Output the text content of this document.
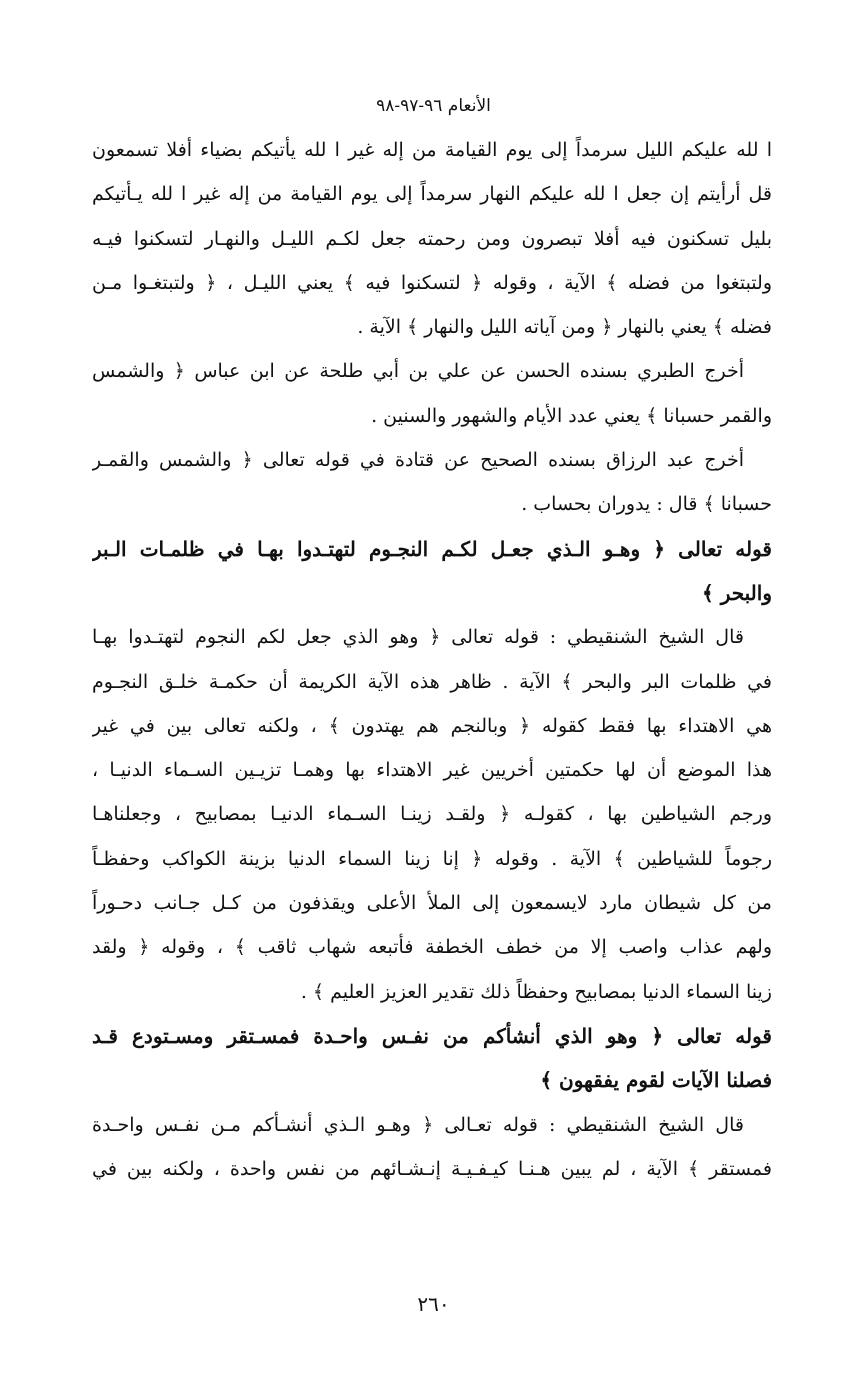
الأنعام ٩٦-٩٧-٩٨
ا لله عليكم الليل سرمداً إلى يوم القيامة من إله غير ا لله يأتيكم بضياء أفلا تسمعون
قل أرأيتم إن جعل ا لله عليكم النهار سرمداً إلى يوم القيامة من إله غير ا لله يـأتيكم
بليل تسكنون فيه أفلا تبصرون ومن رحمته جعل لكـم الليـل والنهـار لتسكنوا فيـه
ولتبتغوا من فضله ﴾ الآية ، وقوله ﴿ لتسكنوا فيه ﴾ يعني الليـل ، ﴿ ولتبتغـوا مـن
فضله ﴾ يعني بالنهار ﴿ ومن آياته الليل والنهار ﴾ الآية .
أخرج الطبري بسنده الحسن عن علي بن أبي طلحة عن ابن عباس ﴿ والشمس
والقمر حسبانا ﴾ يعني عدد الأيام والشهور والسنين .
أخرج عبد الرزاق بسنده الصحيح عن قتادة في قوله تعالى ﴿ والشمس والقمـر
حسبانا ﴾ قال : يدوران بحساب .
قوله تعالى ﴿ وهـو الـذي جعـل لكـم النجـوم لتهتـدوا بهـا في ظلمـات الـبر
والبحر ﴾
قال الشيخ الشنقيطي : قوله تعالى ﴿ وهو الذي جعل لكم النجوم لتهتـدوا بهـا
في ظلمات البر والبحر ﴾ الآية . ظاهر هذه الآية الكريمة أن حكمـة خلـق النجـوم
هي الاهتداء بها فقط كقوله ﴿ وبالنجم هم يهتدون ﴾ ، ولكنه تعالى بين في غير
هذا الموضع أن لها حكمتين أخريين غير الاهتداء بها وهمـا تزيـين السـماء الدنيـا ،
ورجم الشياطين بها ، كقولـه ﴿ ولقـد زينـا السـماء الدنيـا بمصابيح ، وجعلناهـا
رجوماً للشياطين ﴾ الآية . وقوله ﴿ إنا زينا السماء الدنيا بزينة الكواكب وحفظـاً
من كل شيطان مارد لايسمعون إلى الملأ الأعلى ويقذفون من كـل جـانب دحـوراً
ولهم عذاب واصب إلا من خطف الخطفة فأتبعه شهاب ثاقب ﴾ ، وقوله ﴿ ولقد
زينا السماء الدنيا بمصابيح وحفظاً ذلك تقدير العزيز العليم ﴾ .
قوله تعالى ﴿ وهو الذي أنشأكم من نفـس واحـدة فمسـتقر ومسـتودع قـد
فصلنا الآيات لقوم يفقهون ﴾
قال الشيخ الشنقيطي : قوله تعـالى ﴿ وهـو الـذي أنشـأكم مـن نفـس واحـدة
فمستقر ﴾ الآية ، لم يبين هـنـا كيـفـيـة إنـشـائهم من نفس واحدة ، ولكنه بين في
٢٦٠
